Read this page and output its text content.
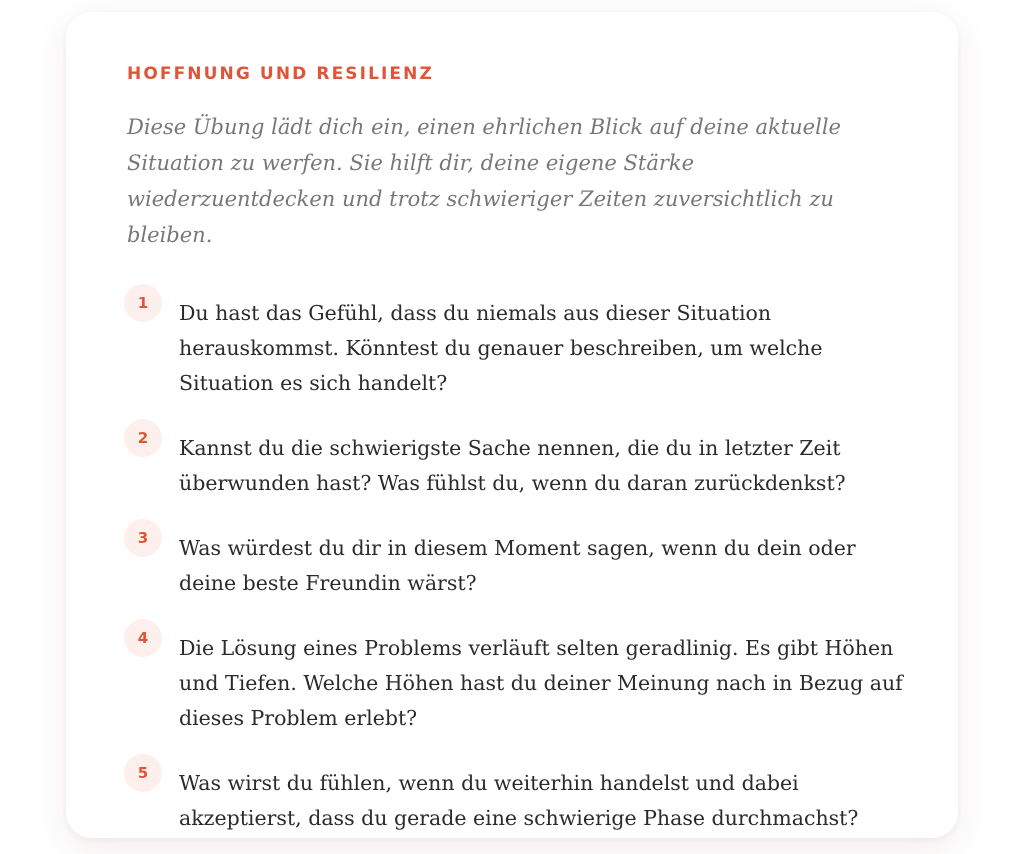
HOFFNUNG UND RESILIENZ

Diese Übung lädt dich ein, einen ehrlichen Blick auf deine aktuelle Situation zu werfen. Sie hilft dir, deine eigene Stärke wiederzuentdecken und trotz schwieriger Zeiten zuversichtlich zu bleiben.

1	Du hast das Gefühl, dass du niemals aus dieser Situation herauskommst. Könntest du genauer beschreiben, um welche Situation es sich handelt?
2	Kannst du die schwierigste Sache nennen, die du in letzter Zeit überwunden hast? Was fühlst du, wenn du daran zurückdenkst?
3	Was würdest du dir in diesem Moment sagen, wenn du dein oder deine beste Freundin wärst?
4	Die Lösung eines Problems verläuft selten geradlinig. Es gibt Höhen und Tiefen. Welche Höhen hast du deiner Meinung nach in Bezug auf dieses Problem erlebt?
5	Was wirst du fühlen, wenn du weiterhin handelst und dabei akzeptierst, dass du gerade eine schwierige Phase durchmachst?
